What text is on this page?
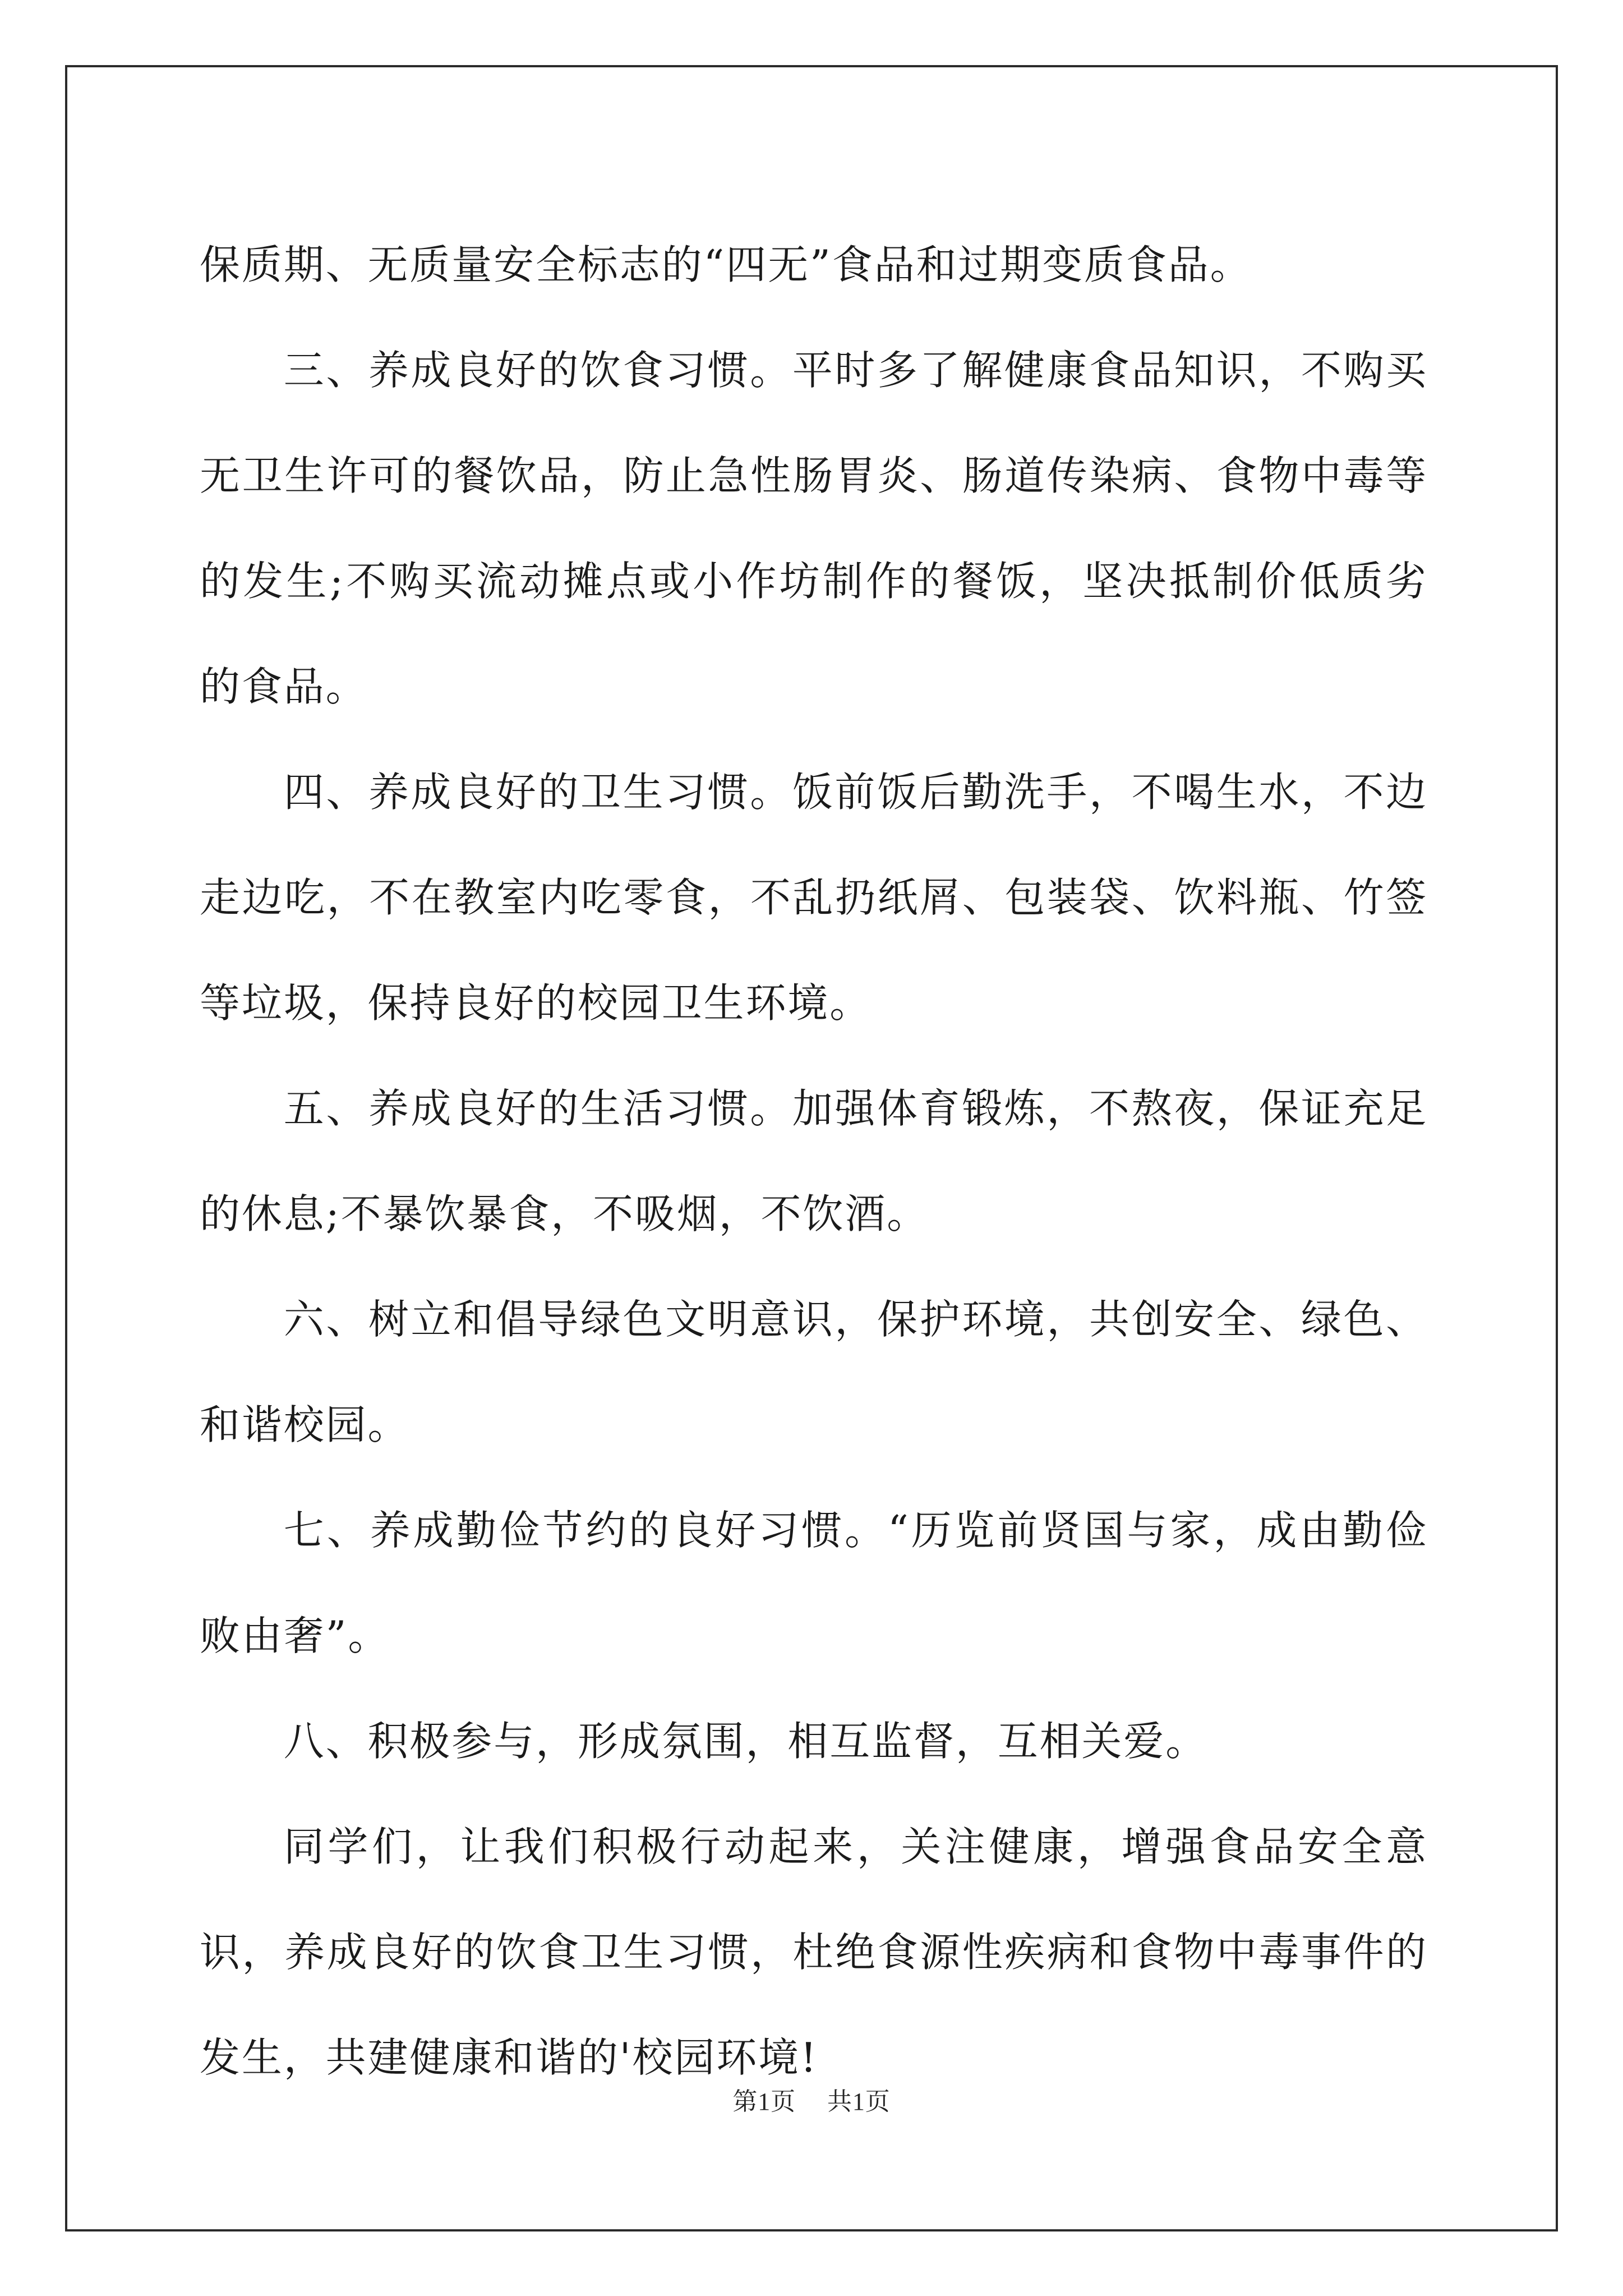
保质期、无质量安全标志的“四无”食品和过期变质食品。

三、养成良好的饮食习惯。平时多了解健康食品知识，不购买无卫生许可的餐饮品，防止急性肠胃炎、肠道传染病、食物中毒等的发生;不购买流动摊点或小作坊制作的餐饭，坚决抵制价低质劣的食品。

四、养成良好的卫生习惯。饭前饭后勤洗手，不喝生水，不边走边吃，不在教室内吃零食，不乱扔纸屑、包装袋、饮料瓶、竹签等垃圾，保持良好的校园卫生环境。

五、养成良好的生活习惯。加强体育锻炼，不熬夜，保证充足的休息;不暴饮暴食，不吸烟，不饮酒。

六、树立和倡导绿色文明意识，保护环境，共创安全、绿色、和谐校园。

七、养成勤俭节约的良好习惯。“历览前贤国与家，成由勤俭败由奢”。

八、积极参与，形成氛围，相互监督，互相关爱。

同学们，让我们积极行动起来，关注健康，增强食品安全意识，养成良好的饮食卫生习惯，杜绝食源性疾病和食物中毒事件的发生，共建健康和谐的'校园环境!

第1页 共1页
